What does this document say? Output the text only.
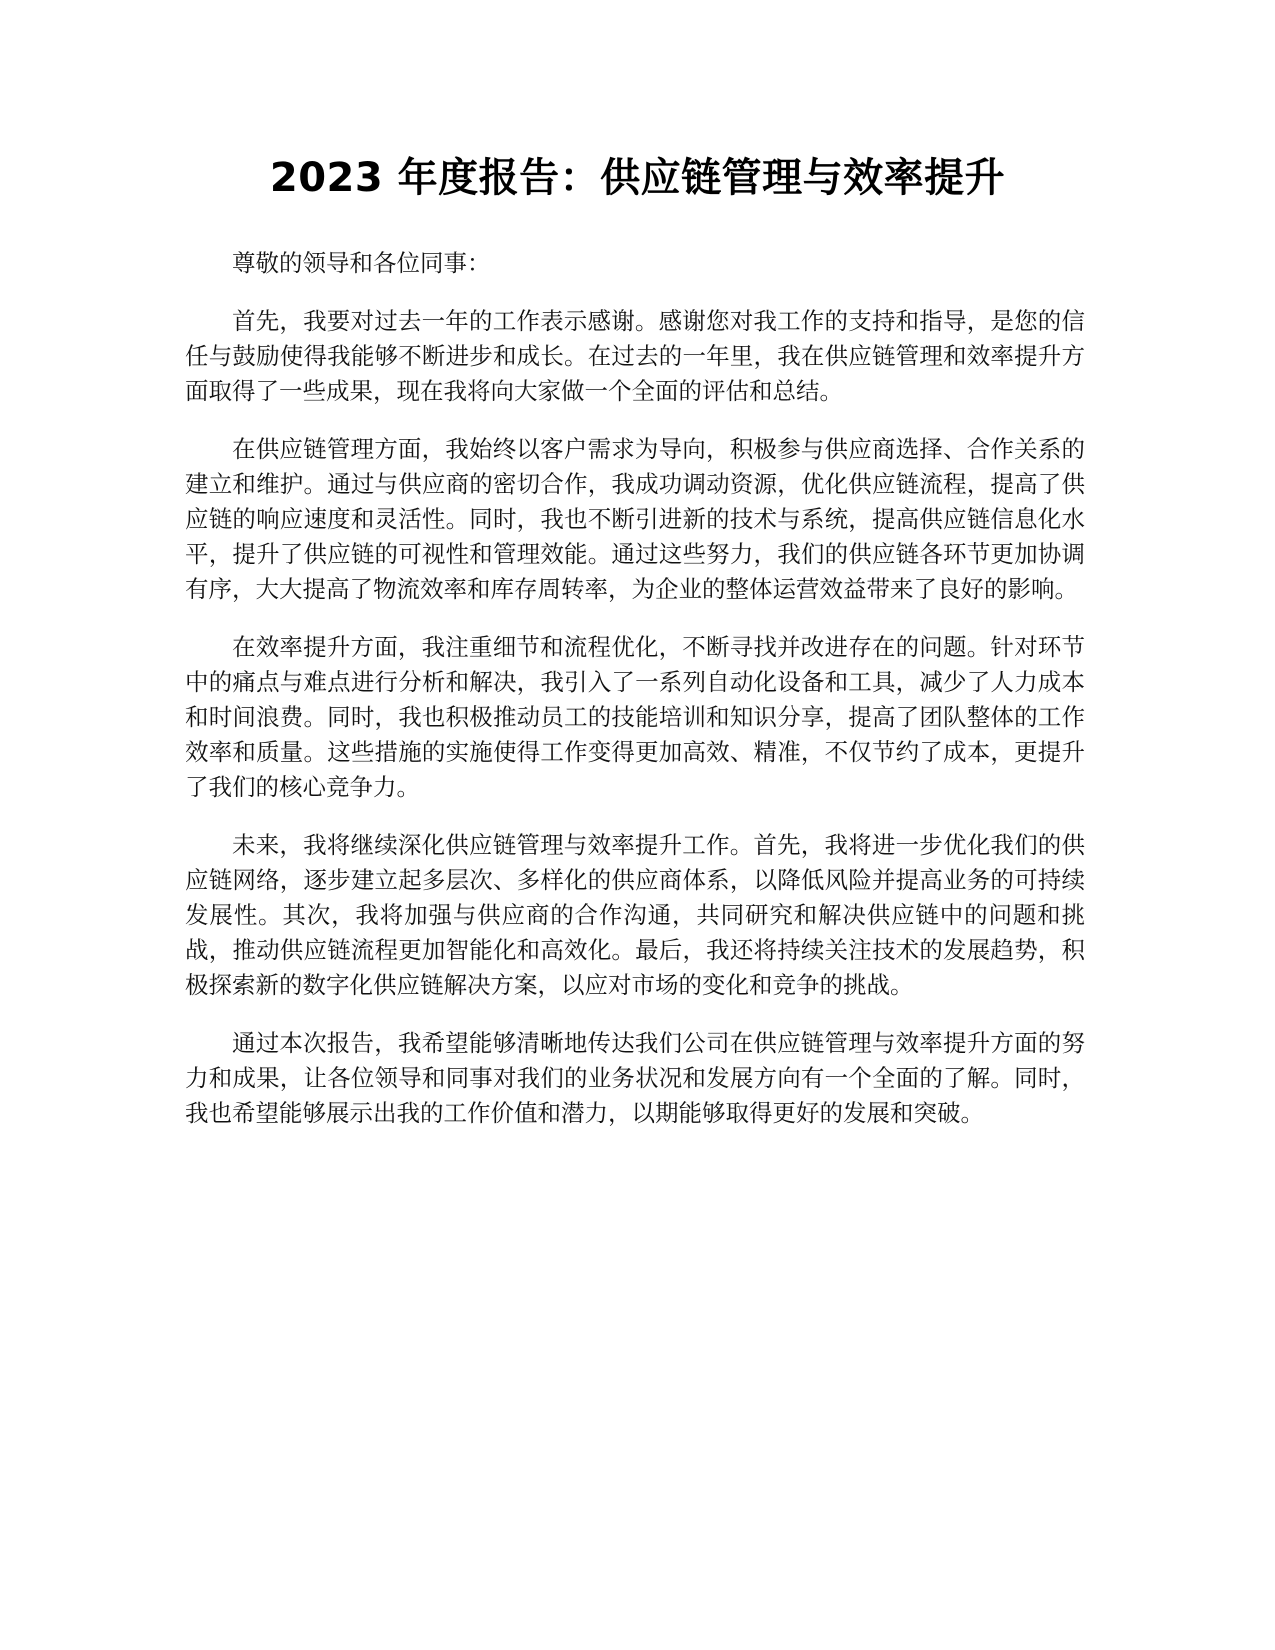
2023 年度报告：供应链管理与效率提升

尊敬的领导和各位同事：

首先，我要对过去一年的工作表示感谢。感谢您对我工作的支持和指导，是您的信任与鼓励使得我能够不断进步和成长。在过去的一年里，我在供应链管理和效率提升方面取得了一些成果，现在我将向大家做一个全面的评估和总结。

在供应链管理方面，我始终以客户需求为导向，积极参与供应商选择、合作关系的建立和维护。通过与供应商的密切合作，我成功调动资源，优化供应链流程，提高了供应链的响应速度和灵活性。同时，我也不断引进新的技术与系统，提高供应链信息化水平，提升了供应链的可视性和管理效能。通过这些努力，我们的供应链各环节更加协调有序，大大提高了物流效率和库存周转率，为企业的整体运营效益带来了良好的影响。

在效率提升方面，我注重细节和流程优化，不断寻找并改进存在的问题。针对环节中的痛点与难点进行分析和解决，我引入了一系列自动化设备和工具，减少了人力成本和时间浪费。同时，我也积极推动员工的技能培训和知识分享，提高了团队整体的工作效率和质量。这些措施的实施使得工作变得更加高效、精准，不仅节约了成本，更提升了我们的核心竞争力。

未来，我将继续深化供应链管理与效率提升工作。首先，我将进一步优化我们的供应链网络，逐步建立起多层次、多样化的供应商体系，以降低风险并提高业务的可持续发展性。其次，我将加强与供应商的合作沟通，共同研究和解决供应链中的问题和挑战，推动供应链流程更加智能化和高效化。最后，我还将持续关注技术的发展趋势，积极探索新的数字化供应链解决方案，以应对市场的变化和竞争的挑战。

通过本次报告，我希望能够清晰地传达我们公司在供应链管理与效率提升方面的努力和成果，让各位领导和同事对我们的业务状况和发展方向有一个全面的了解。同时，我也希望能够展示出我的工作价值和潜力，以期能够取得更好的发展和突破。
